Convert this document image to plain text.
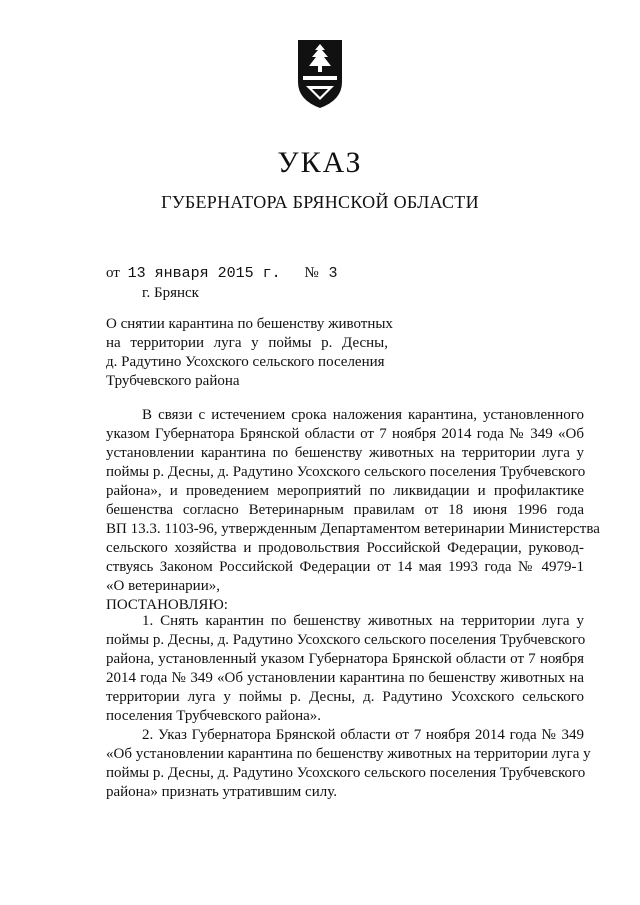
УКАЗ
ГУБЕРНАТОРА БРЯНСКОЙ ОБЛАСТИ
от 13 января 2015 г. № 3
г. Брянск
О снятии карантина по бешенству животных
на территории луга у поймы р. Десны,
д. Радутино Усохского сельского поселения
Трубчевского района
В связи с истечением срока наложения карантина, установленного
указом Губернатора Брянской области от 7 ноября 2014 года № 349 «Об
установлении карантина по бешенству животных на территории луга у
поймы р. Десны, д. Радутино Усохского сельского поселения Трубчевского
района», и проведением мероприятий по ликвидации и профилактике
бешенства согласно Ветеринарным правилам от 18 июня 1996 года
ВП 13.3. 1103-96, утвержденным Департаментом ветеринарии Министерства
сельского хозяйства и продовольствия Российской Федерации, руковод-
ствуясь Законом Российской Федерации от 14 мая 1993 года № 4979-1
«О ветеринарии»,
ПОСТАНОВЛЯЮ:
1. Снять карантин по бешенству животных на территории луга у
поймы р. Десны, д. Радутино Усохского сельского поселения Трубчевского
района, установленный указом Губернатора Брянской области от 7 ноября
2014 года № 349 «Об установлении карантина по бешенству животных на
территории луга у поймы р. Десны, д. Радутино Усохского сельского
поселения Трубчевского района».
2. Указ Губернатора Брянской области от 7 ноября 2014 года № 349
«Об установлении карантина по бешенству животных на территории луга у
поймы р. Десны, д. Радутино Усохского сельского поселения Трубчевского
района» признать утратившим силу.
